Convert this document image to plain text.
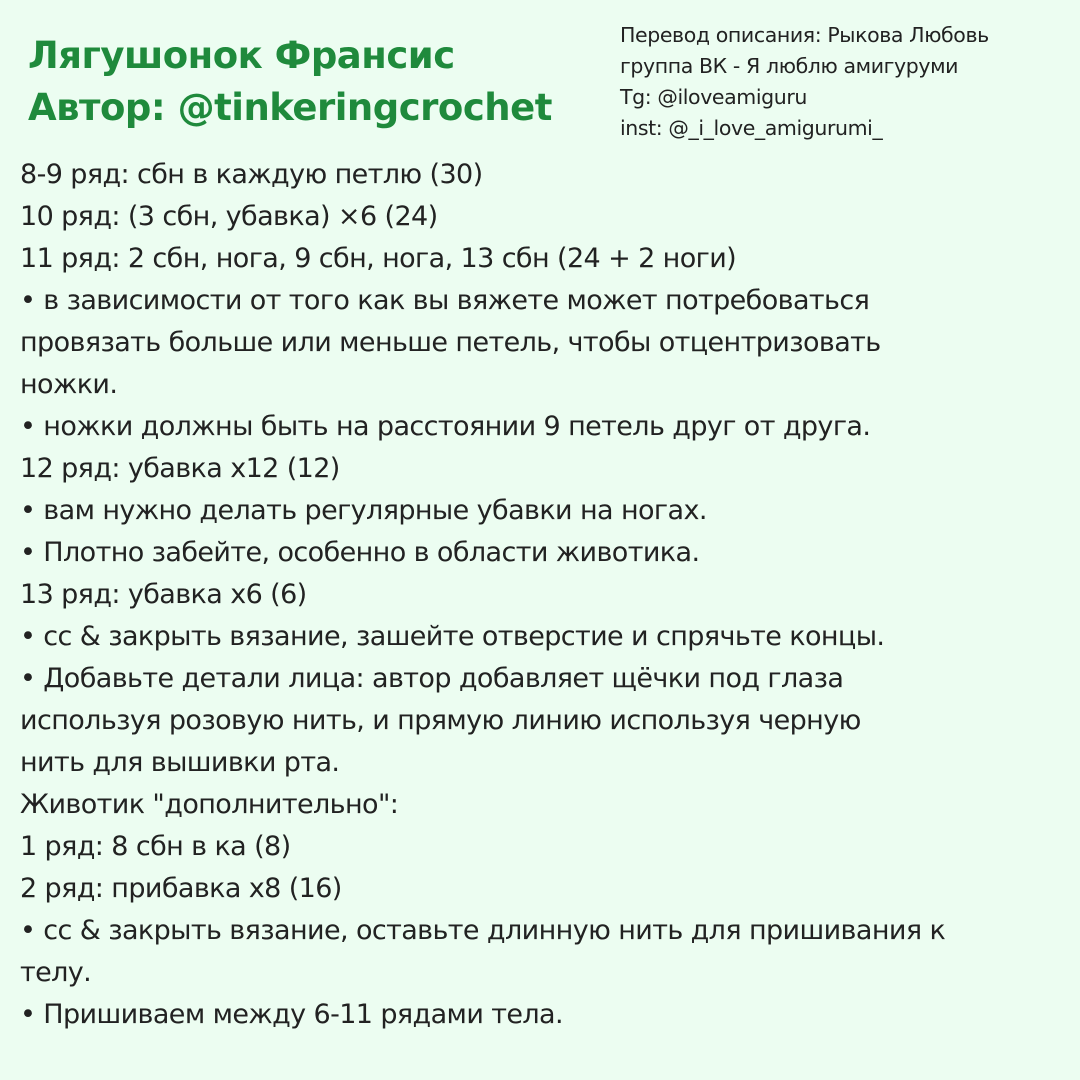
Лягушонок Франсис
Автор: @tinkeringcrochet
Перевод описания: Рыкова Любовь
группа ВК - Я люблю амигуруми
Tg: @iloveamiguru
inst: @_i_love_amigurumi_
8-9 ряд: сбн в каждую петлю (30)
10 ряд: (3 сбн, убавка) ×6 (24)
11 ряд: 2 сбн, нога, 9 сбн, нога, 13 сбн (24 + 2 ноги)
• в зависимости от того как вы вяжете может потребоваться
провязать больше или меньше петель, чтобы отцентризовать
ножки.
• ножки должны быть на расстоянии 9 петель друг от друга.
12 ряд: убавка х12 (12)
• вам нужно делать регулярные убавки на ногах.
• Плотно забейте, особенно в области животика.
13 ряд: убавка х6 (6)
• сс & закрыть вязание, зашейте отверстие и спрячьте концы.
• Добавьте детали лица: автор добавляет щёчки под глаза
используя розовую нить, и прямую линию используя черную
нить для вышивки рта.
Животик "дополнительно":
1 ряд: 8 сбн в ка (8)
2 ряд: прибавка х8 (16)
• сс & закрыть вязание, оставьте длинную нить для пришивания к
телу.
• Пришиваем между 6-11 рядами тела.
